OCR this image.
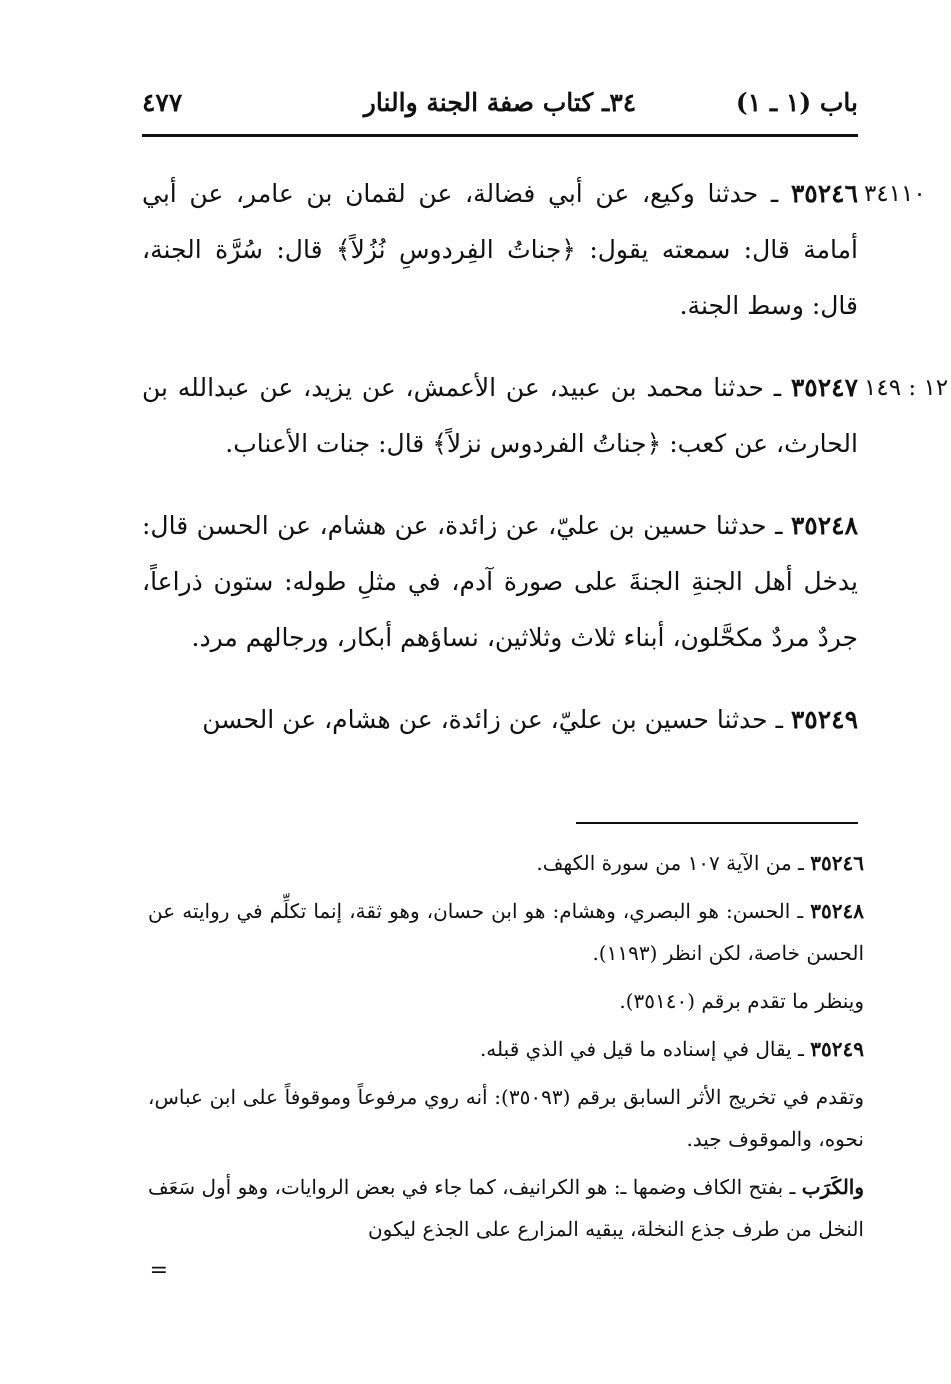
باب (١ ـ ١)
٣٤ـ كتاب صفة الجنة والنار
٤٧٧
٣٤١١٠
٣٥٢٤٦ ـ حدثنا وكيع، عن أبي فضالة، عن لقمان بن عامر، عن أبي أمامة قال: سمعته يقول: ﴿جناتُ الفِردوسِ نُزُلاً﴾ قال: سُرَّة الجنة، قال: وسط الجنة.
١٢ : ١٤٩
٣٥٢٤٧ ـ حدثنا محمد بن عبيد، عن الأعمش، عن يزيد، عن عبدالله بن الحارث، عن كعب: ﴿جناتُ الفردوس نزلاً﴾ قال: جنات الأعناب.
٣٥٢٤٨ ـ حدثنا حسين بن عليّ، عن زائدة، عن هشام، عن الحسن قال: يدخل أهل الجنةِ الجنةَ على صورة آدم، في مثلِ طوله: ستون ذراعاً، جردٌ مردٌ مكحَّلون، أبناء ثلاث وثلاثين، نساؤهم أبكار، ورجالهم مرد.
٣٥٢٤٩ ـ حدثنا حسين بن عليّ، عن زائدة، عن هشام، عن الحسن
٣٥٢٤٦ ـ من الآية ١٠٧ من سورة الكهف.
٣٥٢٤٨ ـ الحسن: هو البصري، وهشام: هو ابن حسان، وهو ثقة، إنما تكلِّم في روايته عن الحسن خاصة، لكن انظر (١١٩٣).
وينظر ما تقدم برقم (٣٥١٤٠).
٣٥٢٤٩ ـ يقال في إسناده ما قيل في الذي قبله.
وتقدم في تخريج الأثر السابق برقم (٣٥٠٩٣): أنه روي مرفوعاً وموقوفاً على ابن عباس، نحوه، والموقوف جيد.
والكَرَب ـ بفتح الكاف وضمها ـ: هو الكرانيف، كما جاء في بعض الروايات، وهو أول سَعَف النخل من طرف جذع النخلة، يبقيه المزارع على الجذع ليكون
=
